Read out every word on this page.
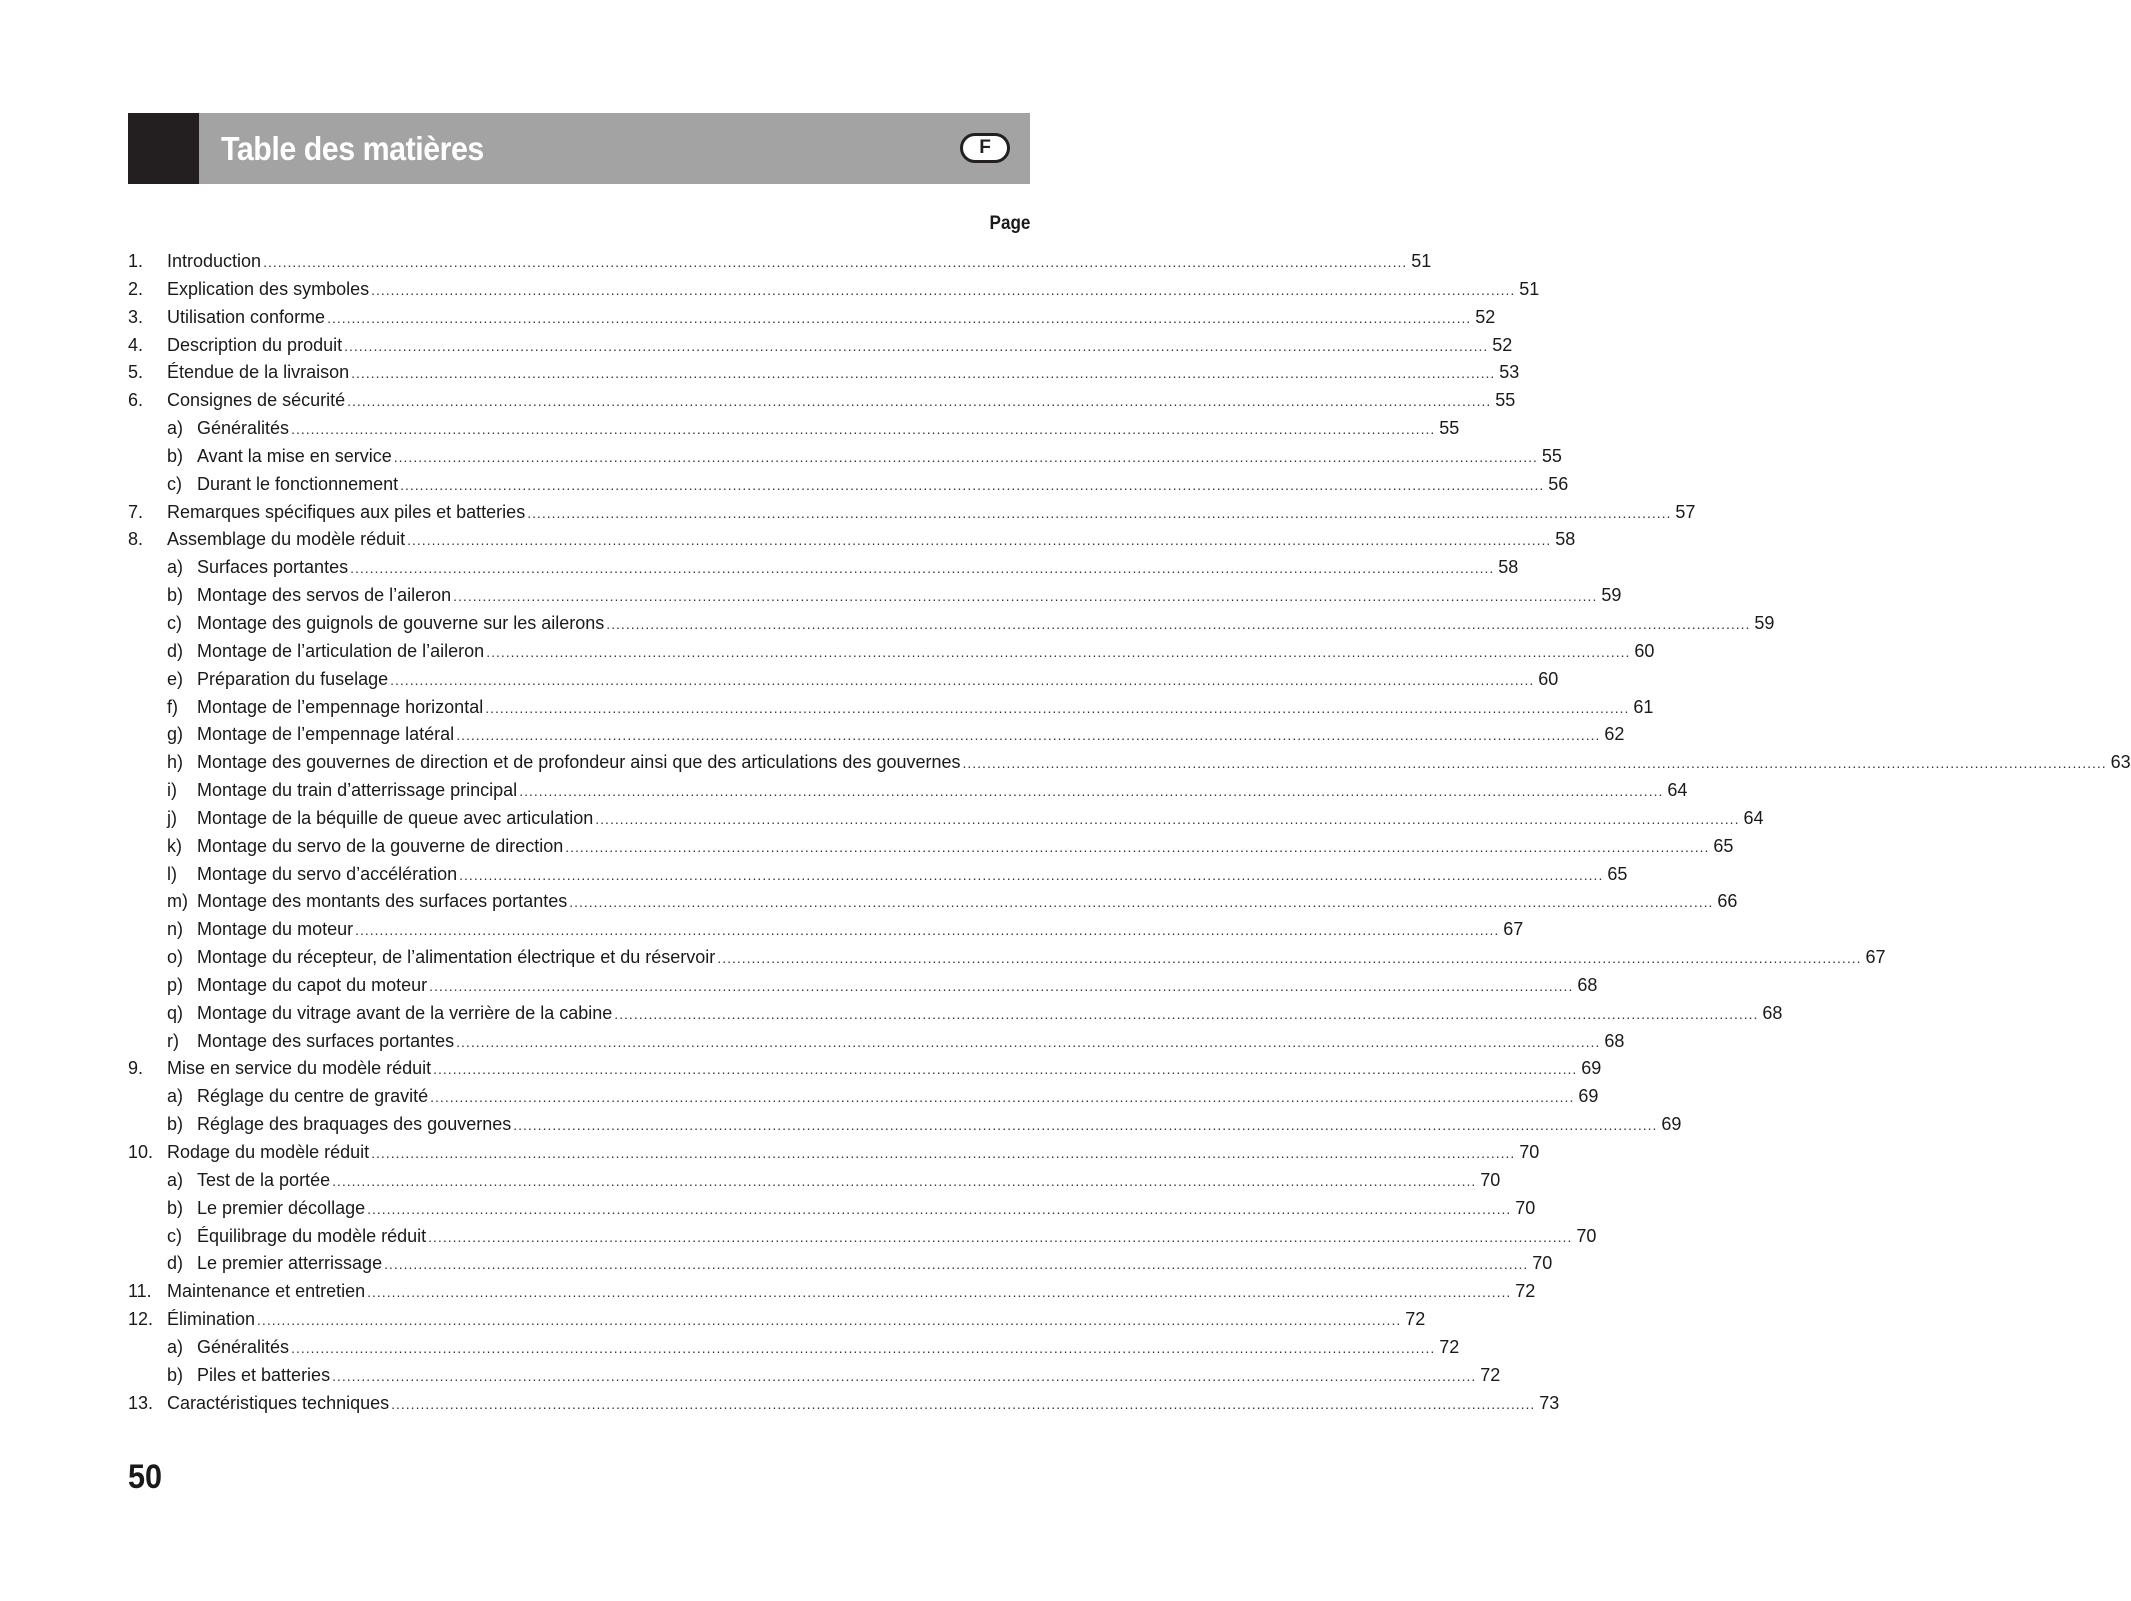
Table des matières	F
Page
1.	Introduction .....	51
2.	Explication des symboles .....	51
3.	Utilisation conforme .....	52
4.	Description du produit .....	52
5.	Étendue de la livraison .....	53
6.	Consignes de sécurité .....	55
a) Généralités .....	55
b) Avant la mise en service .....	55
c) Durant le fonctionnement .....	56
7.	Remarques spécifiques aux piles et batteries .....	57
8.	Assemblage du modèle réduit .....	58
a) Surfaces portantes .....	58
b) Montage des servos de l’aileron .....	59
c) Montage des guignols de gouverne sur les ailerons .....	59
d) Montage de l’articulation de l’aileron .....	60
e) Préparation du fuselage .....	60
f)	Montage de l’empennage horizontal .....	61
g) Montage de l’empennage latéral .....	62
h) Montage des gouvernes de direction et de profondeur ainsi que des articulations des gouvernes .....	63
i)	Montage du train d’atterrissage principal .....	64
j)	Montage de la béquille de queue avec articulation .....	64
k) Montage du servo de la gouverne de direction .....	65
l)	Montage du servo d’accélération .....	65
m) Montage des montants des surfaces portantes .....	66
n) Montage du moteur .....	67
o) Montage du récepteur, de l’alimentation électrique et du réservoir .....	67
p) Montage du capot du moteur .....	68
q) Montage du vitrage avant de la verrière de la cabine .....	68
r)	Montage des surfaces portantes .....	68
9.	Mise en service du modèle réduit .....	69
a) Réglage du centre de gravité .....	69
b) Réglage des braquages des gouvernes .....	69
10. Rodage du modèle réduit .....	70
a) Test de la portée .....	70
b) Le premier décollage .....	70
c) Équilibrage du modèle réduit .....	70
d) Le premier atterrissage .....	70
11. Maintenance et entretien .....	72
12. Élimination .....	72
a) Généralités .....	72
b) Piles et batteries .....	72
13. Caractéristiques techniques .....	73
50
